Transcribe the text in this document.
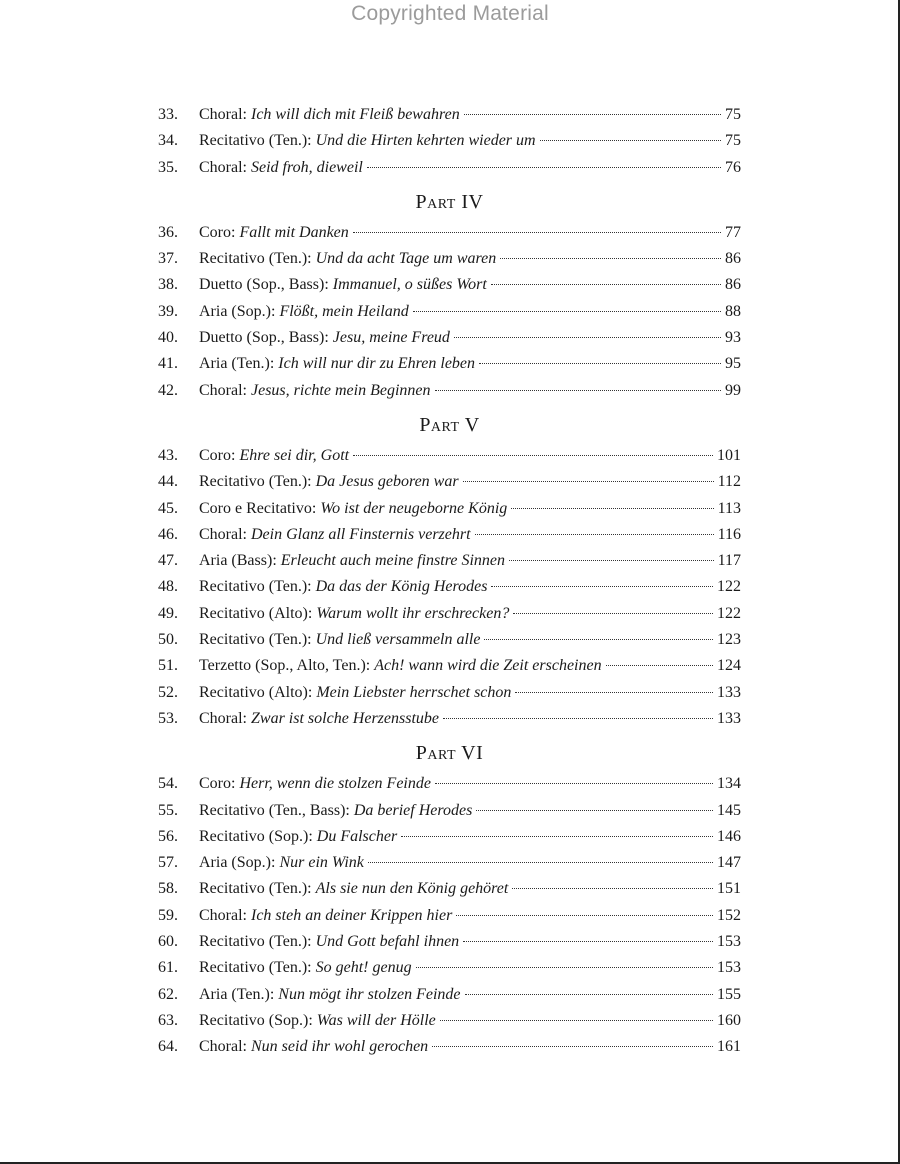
Copyrighted Material
33.	Choral: Ich will dich mit Fleiß bewahren	75
34.	Recitativo (Ten.): Und die Hirten kehrten wieder um	75
35.	Choral: Seid froh, dieweil	76
Part IV
36.	Coro: Fallt mit Danken	77
37.	Recitativo (Ten.): Und da acht Tage um waren	86
38.	Duetto (Sop., Bass): Immanuel, o süßes Wort	86
39.	Aria (Sop.): Flößt, mein Heiland	88
40.	Duetto (Sop., Bass): Jesu, meine Freud	93
41.	Aria (Ten.): Ich will nur dir zu Ehren leben	95
42.	Choral: Jesus, richte mein Beginnen	99
Part V
43.	Coro: Ehre sei dir, Gott	101
44.	Recitativo (Ten.): Da Jesus geboren war	112
45.	Coro e Recitativo: Wo ist der neugeborne König	113
46.	Choral: Dein Glanz all Finsternis verzehrt	116
47.	Aria (Bass): Erleucht auch meine finstre Sinnen	117
48.	Recitativo (Ten.): Da das der König Herodes	122
49.	Recitativo (Alto): Warum wollt ihr erschrecken?	122
50.	Recitativo (Ten.): Und ließ versammeln alle	123
51.	Terzetto (Sop., Alto, Ten.): Ach! wann wird die Zeit erscheinen	124
52.	Recitativo (Alto): Mein Liebster herrschet schon	133
53.	Choral: Zwar ist solche Herzensstube	133
Part VI
54.	Coro: Herr, wenn die stolzen Feinde	134
55.	Recitativo (Ten., Bass): Da berief Herodes	145
56.	Recitativo (Sop.): Du Falscher	146
57.	Aria (Sop.): Nur ein Wink	147
58.	Recitativo (Ten.): Als sie nun den König gehöret	151
59.	Choral: Ich steh an deiner Krippen hier	152
60.	Recitativo (Ten.): Und Gott befahl ihnen	153
61.	Recitativo (Ten.): So geht! genug	153
62.	Aria (Ten.): Nun mögt ihr stolzen Feinde	155
63.	Recitativo (Sop.): Was will der Hölle	160
64.	Choral: Nun seid ihr wohl gerochen	161
